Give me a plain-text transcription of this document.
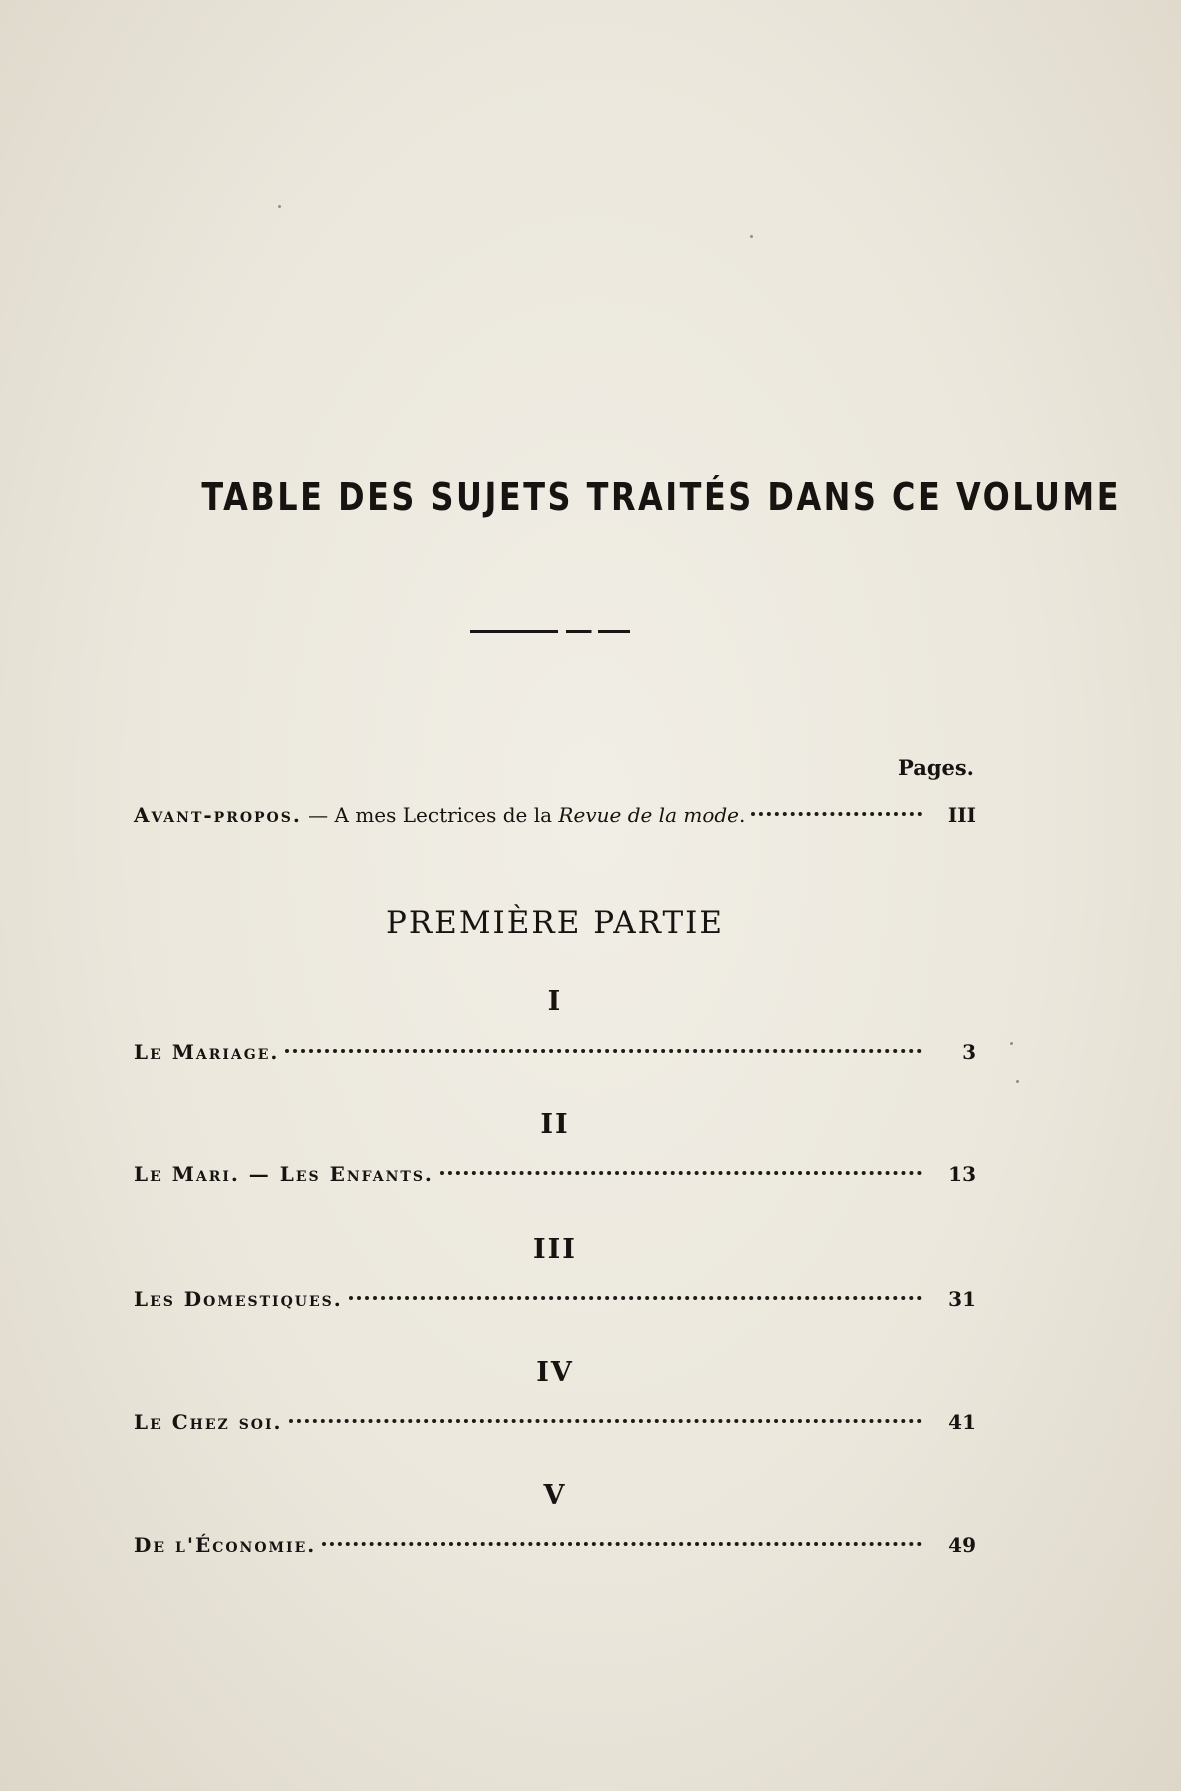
TABLE DES SUJETS TRAITÉS DANS CE VOLUME
Pages.
Avant-propos. — A mes Lectrices de la Revue de la mode.	III
PREMIÈRE PARTIE
I
Le Mariage.	3
II
Le Mari. — Les Enfants.	13
III
Les Domestiques.	31
IV
Le Chez soi.	41
V
De l'Économie.	49
